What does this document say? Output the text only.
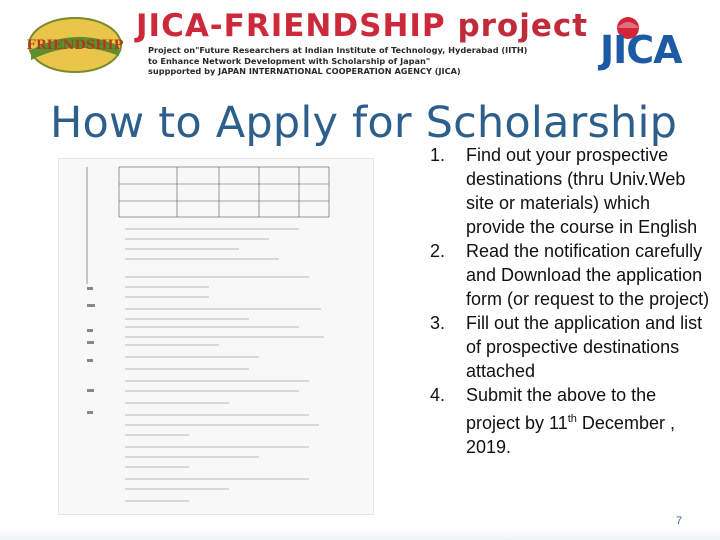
FRIENDSHIP
JICA-FRIENDSHIP project
Project on"Future Researchers at Indian Institute of Technology, Hyderabad (IITH)
to Enhance Network Development with Scholarship of Japan"
suppported by JAPAN INTERNATIONAL COOPERATION AGENCY (JICA)	JICA
How to Apply for Scholarship
1. Find out your prospective destinations (thru Univ.Web site or materials) which provide the course in English
2. Read the notification carefully and Download the application form (or request to the project)
3. Fill out the application and list of prospective destinations attached
4. Submit the above to the project by 11th December , 2019.
7
